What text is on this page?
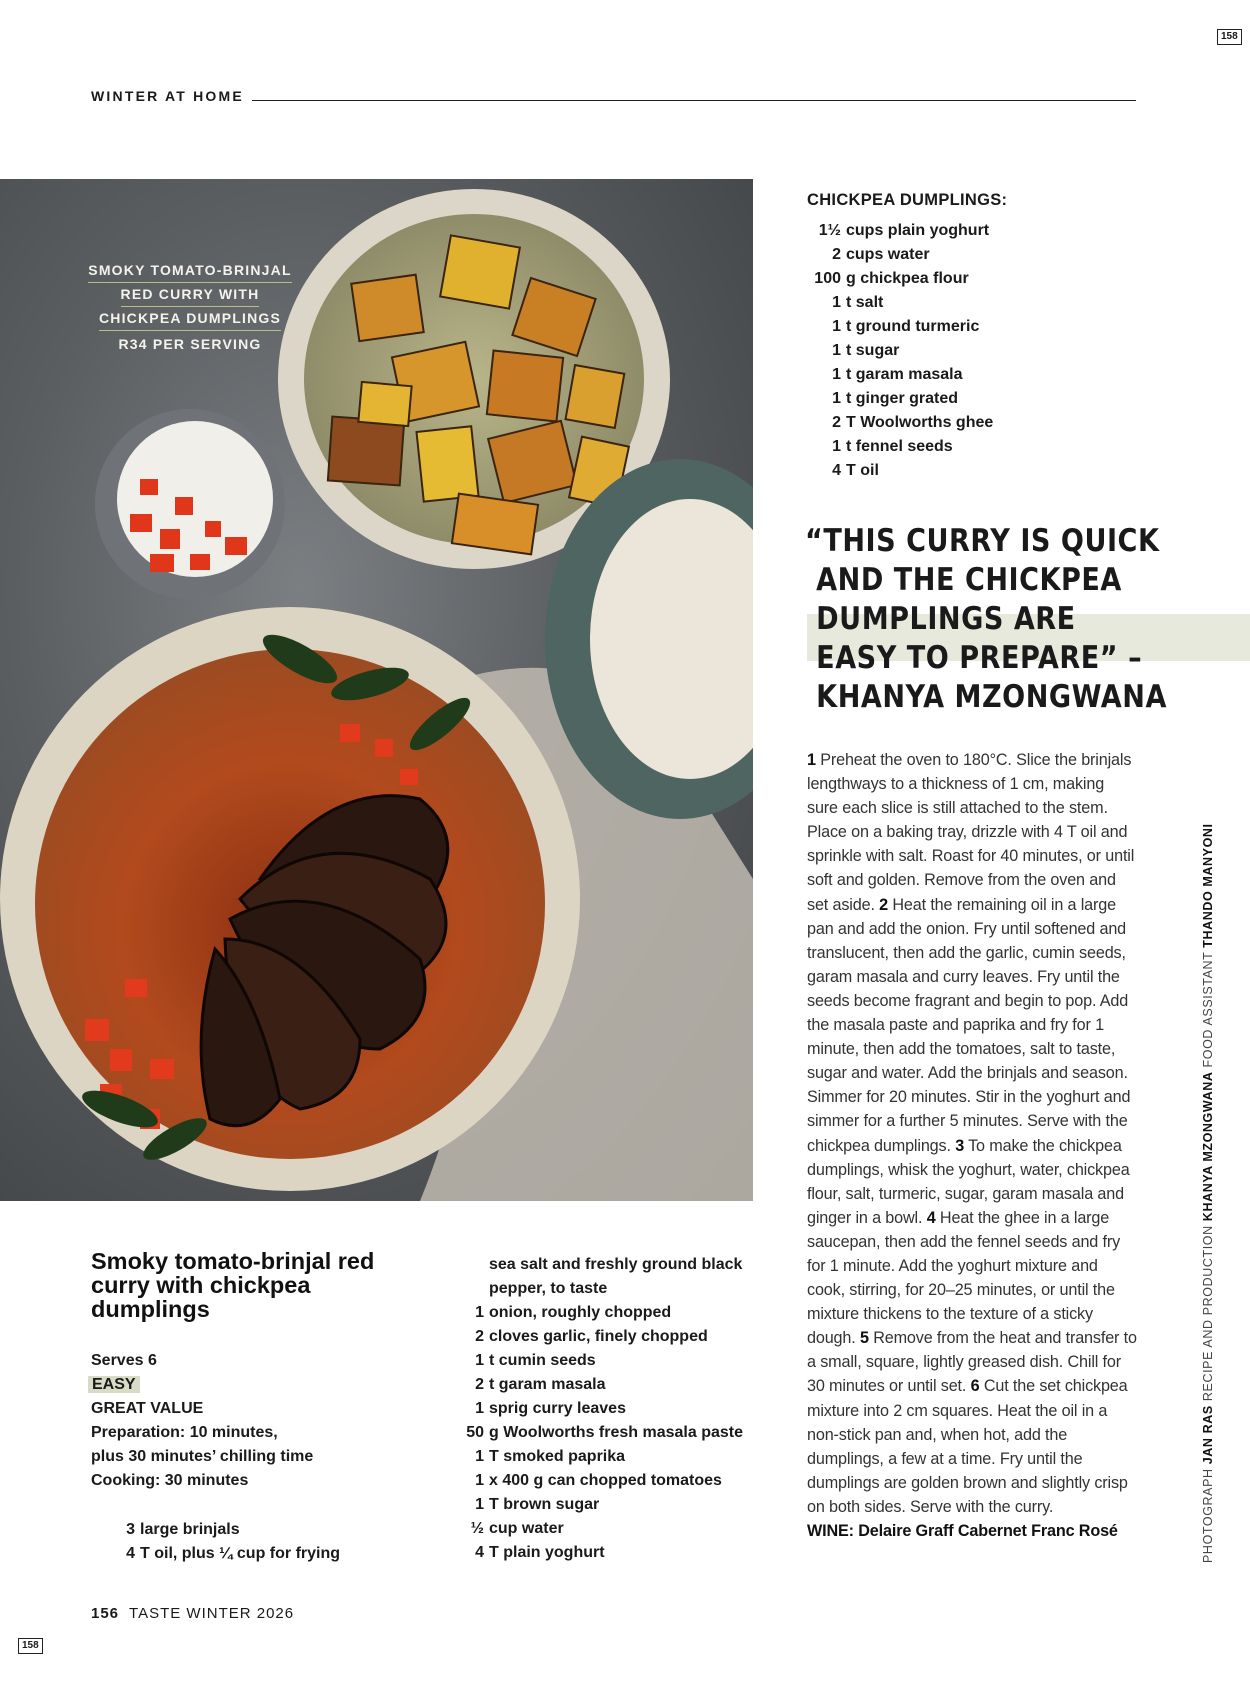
158
WINTER AT HOME
SMOKY TOMATO-BRINJAL
RED CURRY WITH
CHICKPEA DUMPLINGS
R34 PER SERVING
CHICKPEA DUMPLINGS:
1½ cups plain yoghurt
2 cups water
100 g chickpea flour
1 t salt
1 t ground turmeric
1 t sugar
1 t garam masala
1 t ginger grated
2 T Woolworths ghee
1 t fennel seeds
4 T oil
“THIS CURRY IS QUICK
AND THE CHICKPEA
DUMPLINGS ARE
EASY TO PREPARE” –
KHANYA MZONGWANA
1 Preheat the oven to 180°C. Slice the brinjals lengthways to a thickness of 1 cm, making sure each slice is still attached to the stem. Place on a baking tray, drizzle with 4 T oil and sprinkle with salt. Roast for 40 minutes, or until soft and golden. Remove from the oven and set aside. 2 Heat the remaining oil in a large pan and add the onion. Fry until softened and translucent, then add the garlic, cumin seeds, garam masala and curry leaves. Fry until the seeds become fragrant and begin to pop. Add the masala paste and paprika and fry for 1 minute, then add the tomatoes, salt to taste, sugar and water. Add the brinjals and season. Simmer for 20 minutes. Stir in the yoghurt and simmer for a further 5 minutes. Serve with the chickpea dumplings. 3 To make the chickpea dumplings, whisk the yoghurt, water, chickpea flour, salt, turmeric, sugar, garam masala and ginger in a bowl. 4 Heat the ghee in a large saucepan, then add the fennel seeds and fry for 1 minute. Add the yoghurt mixture and cook, stirring, for 20–25 minutes, or until the mixture thickens to the texture of a sticky dough. 5 Remove from the heat and transfer to a small, square, lightly greased dish. Chill for 30 minutes or until set. 6 Cut the set chickpea mixture into 2 cm squares. Heat the oil in a non-stick pan and, when hot, add the dumplings, a few at a time. Fry until the dumplings are golden brown and slightly crisp on both sides. Serve with the curry.
WINE: Delaire Graff Cabernet Franc Rosé	PHOTOGRAPH JAN RAS RECIPE AND PRODUCTION KHANYA MZONGWANA FOOD ASSISTANT THANDO MANYONI
Smoky tomato-brinjal red curry with chickpea dumplings
Serves 6
EASY
GREAT VALUE
Preparation: 10 minutes,
plus 30 minutes’ chilling time
Cooking: 30 minutes
3 large brinjals
4 T oil, plus ¼ cup for frying
sea salt and freshly ground black
pepper, to taste
1 onion, roughly chopped
2 cloves garlic, finely chopped
1 t cumin seeds
2 t garam masala
1 sprig curry leaves
50 g Woolworths fresh masala paste
1 T smoked paprika
1 x 400 g can chopped tomatoes
1 T brown sugar
½ cup water
4 T plain yoghurt
156 TASTE WINTER 2026
158
